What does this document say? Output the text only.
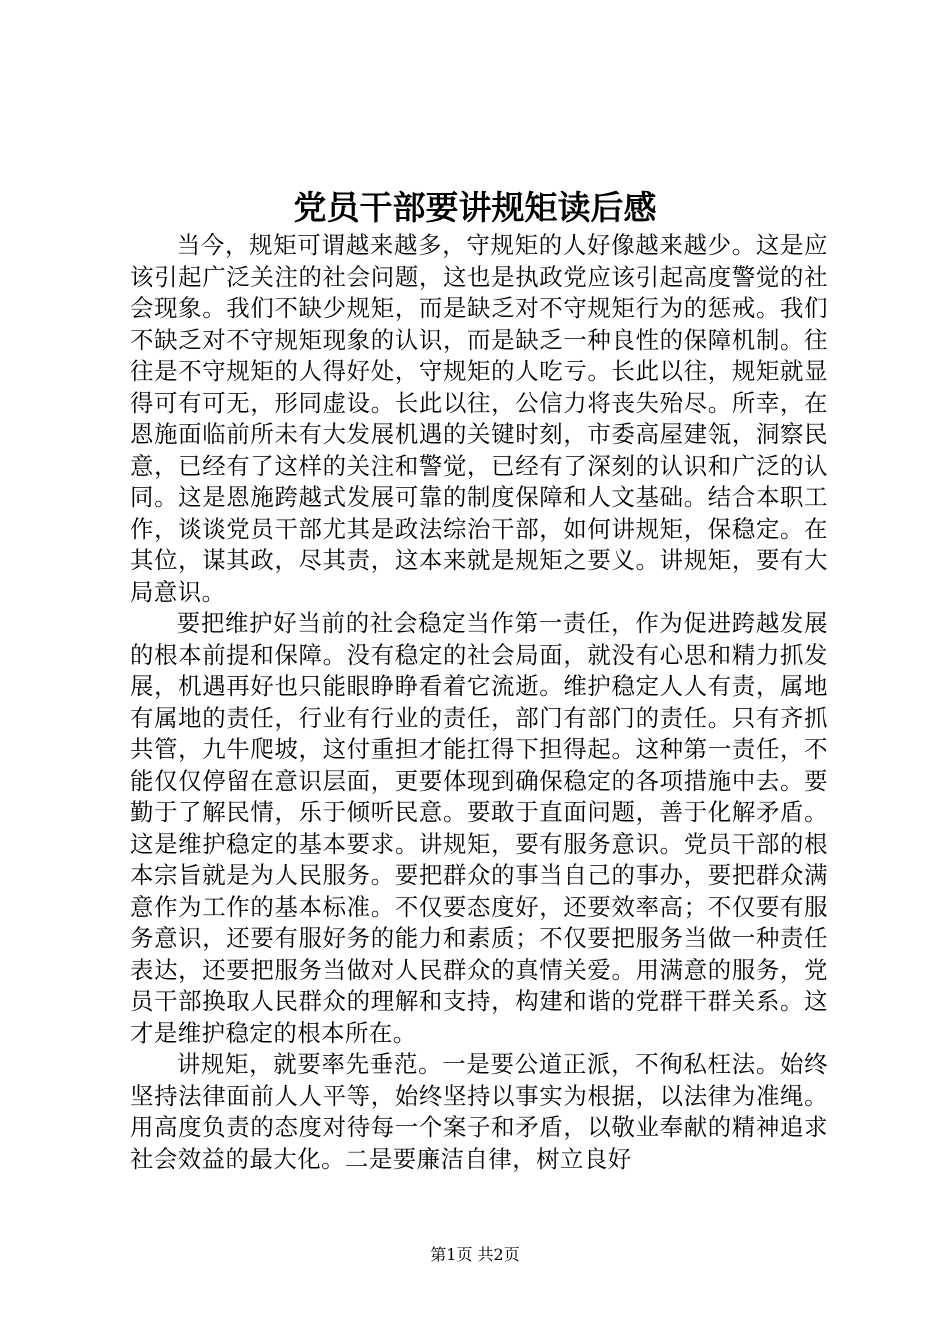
党员干部要讲规矩读后感

当今，规矩可谓越来越多，守规矩的人好像越来越少。这是应该引起广泛关注的社会问题，这也是执政党应该引起高度警觉的社会现象。我们不缺少规矩，而是缺乏对不守规矩行为的惩戒。我们不缺乏对不守规矩现象的认识，而是缺乏一种良性的保障机制。往往是不守规矩的人得好处，守规矩的人吃亏。长此以往，规矩就显得可有可无，形同虚设。长此以往，公信力将丧失殆尽。所幸，在恩施面临前所未有大发展机遇的关键时刻，市委高屋建瓴，洞察民意，已经有了这样的关注和警觉，已经有了深刻的认识和广泛的认同。这是恩施跨越式发展可靠的制度保障和人文基础。结合本职工作，谈谈党员干部尤其是政法综治干部，如何讲规矩，保稳定。在其位，谋其政，尽其责，这本来就是规矩之要义。讲规矩，要有大局意识。

要把维护好当前的社会稳定当作第一责任，作为促进跨越发展的根本前提和保障。没有稳定的社会局面，就没有心思和精力抓发展，机遇再好也只能眼睁睁看着它流逝。维护稳定人人有责，属地有属地的责任，行业有行业的责任，部门有部门的责任。只有齐抓共管，九牛爬坡，这付重担才能扛得下担得起。这种第一责任，不能仅仅停留在意识层面，更要体现到确保稳定的各项措施中去。要勤于了解民情，乐于倾听民意。要敢于直面问题，善于化解矛盾。这是维护稳定的基本要求。讲规矩，要有服务意识。党员干部的根本宗旨就是为人民服务。要把群众的事当自己的事办，要把群众满意作为工作的基本标准。不仅要态度好，还要效率高；不仅要有服务意识，还要有服好务的能力和素质；不仅要把服务当做一种责任表达，还要把服务当做对人民群众的真情关爱。用满意的服务，党员干部换取人民群众的理解和支持，构建和谐的党群干群关系。这才是维护稳定的根本所在。

讲规矩，就要率先垂范。一是要公道正派，不徇私枉法。始终坚持法律面前人人平等，始终坚持以事实为根据，以法律为准绳。用高度负责的态度对待每一个案子和矛盾，以敬业奉献的精神追求社会效益的最大化。二是要廉洁自律，树立良好

第1页 共2页
